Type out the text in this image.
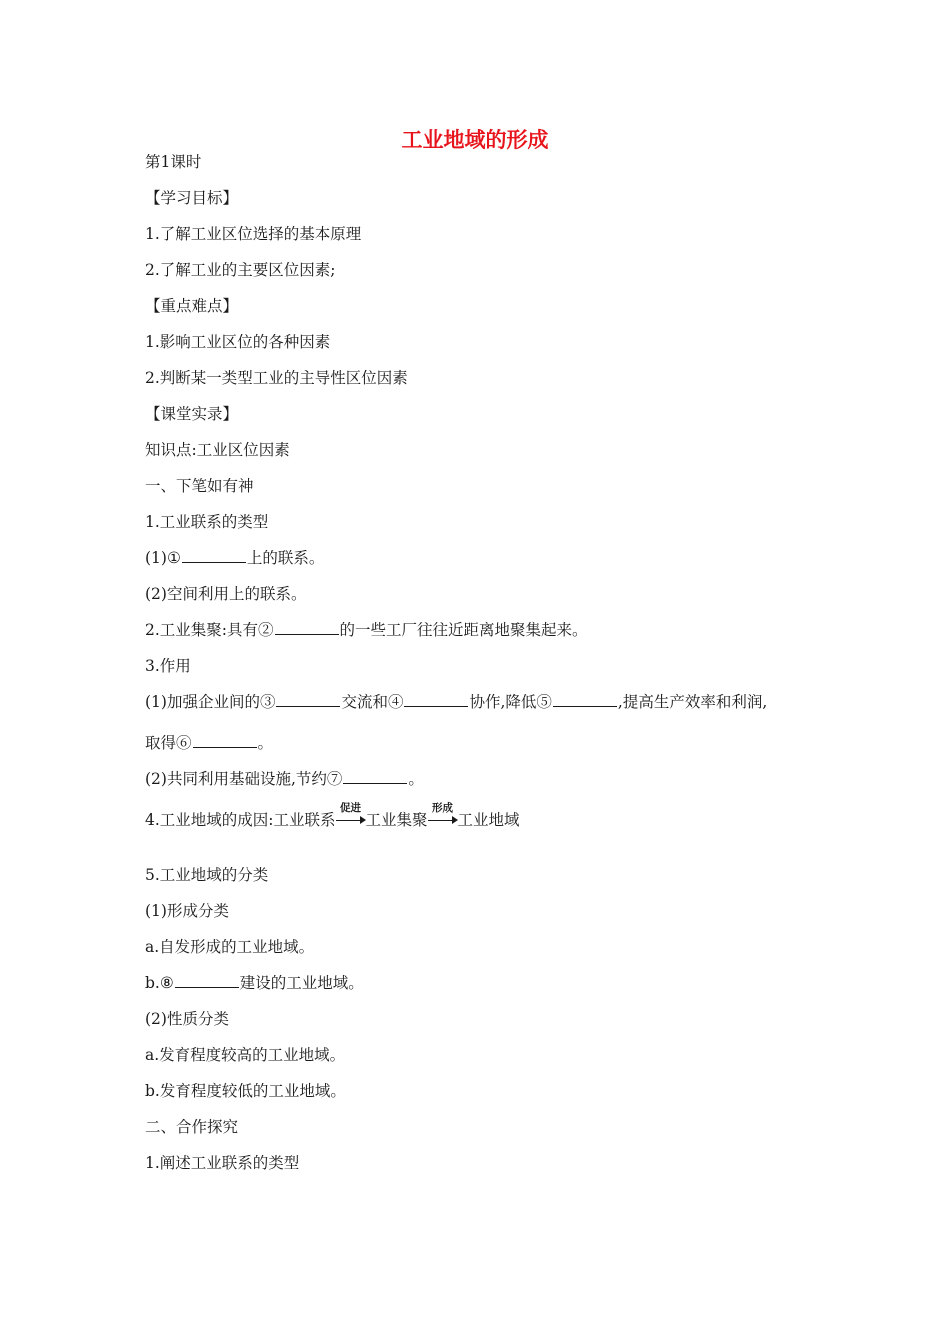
工业地域的形成
第1课时
【学习目标】
1.了解工业区位选择的基本原理
2.了解工业的主要区位因素;
【重点难点】
1.影响工业区位的各种因素
2.判断某一类型工业的主导性区位因素
【课堂实录】
知识点:工业区位因素
一、下笔如有神
1.工业联系的类型
(1)①	上的联系。
(2)空间利用上的联系。
2.工业集聚:具有②	的一些工厂往往近距离地聚集起来。
3.作用
(1)加强企业间的③	交流和④	协作,降低⑤	,提高生产效率和利润,
取得⑥	。
(2)共同利用基础设施,节约⑦	。
4.工业地域的成因:工业联系
促进
工业集聚
形成
工业地域
5.工业地域的分类
(1)形成分类
a.自发形成的工业地域。
b.⑧	建设的工业地域。
(2)性质分类
a.发育程度较高的工业地域。
b.发育程度较低的工业地域。
二、合作探究
1.阐述工业联系的类型
